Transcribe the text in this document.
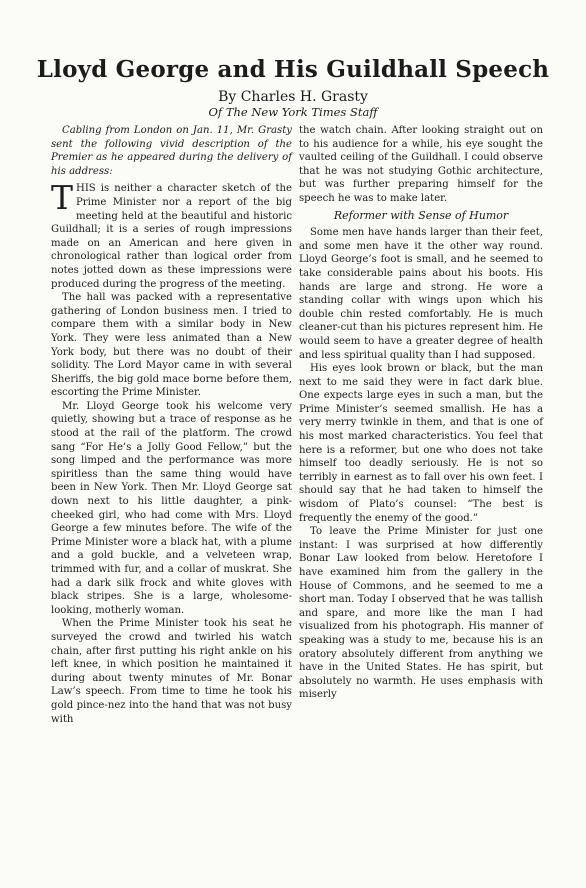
Lloyd George and His Guildhall Speech
By Charles H. Grasty
Of The New York Times Staff

Cabling from London on Jan. 11, Mr. Grasty sent the following vivid description of the Premier as he appeared during the delivery of his address:

THIS is neither a character sketch of the Prime Minister nor a report of the big meeting held at the beautiful and historic Guildhall; it is a series of rough impressions made on an American and here given in chronological rather than logical order from notes jotted down as these impressions were produced during the progress of the meeting.

The hall was packed with a representative gathering of London business men. I tried to compare them with a similar body in New York. They were less animated than a New York body, but there was no doubt of their solidity. The Lord Mayor came in with several Sheriffs, the big gold mace borne before them, escorting the Prime Minister.

Mr. Lloyd George took his welcome very quietly, showing but a trace of response as he stood at the rail of the platform. The crowd sang “For He’s a Jolly Good Fellow,” but the song limped and the performance was more spiritless than the same thing would have been in New York. Then Mr. Lloyd George sat down next to his little daughter, a pink-cheeked girl, who had come with Mrs. Lloyd George a few minutes before. The wife of the Prime Minister wore a black hat, with a plume and a gold buckle, and a velveteen wrap, trimmed with fur, and a collar of muskrat. She had a dark silk frock and white gloves with black stripes. She is a large, wholesome-looking, motherly woman.

When the Prime Minister took his seat he surveyed the crowd and twirled his watch chain, after first putting his right ankle on his left knee, in which position he maintained it during about twenty minutes of Mr. Bonar Law’s speech. From time to time he took his gold pince-nez into the hand that was not busy with

the watch chain. After looking straight out on to his audience for a while, his eye sought the vaulted ceiling of the Guildhall. I could observe that he was not studying Gothic architecture, but was further preparing himself for the speech he was to make later.

Reformer with Sense of Humor

Some men have hands larger than their feet, and some men have it the other way round. Lloyd George’s foot is small, and he seemed to take considerable pains about his boots. His hands are large and strong. He wore a standing collar with wings upon which his double chin rested comfortably. He is much cleaner-cut than his pictures represent him. He would seem to have a greater degree of health and less spiritual quality than I had supposed.

His eyes look brown or black, but the man next to me said they were in fact dark blue. One expects large eyes in such a man, but the Prime Minister’s seemed smallish. He has a very merry twinkle in them, and that is one of his most marked characteristics. You feel that here is a reformer, but one who does not take himself too deadly seriously. He is not so terribly in earnest as to fall over his own feet. I should say that he had taken to himself the wisdom of Plato’s counsel: “The best is frequently the enemy of the good.”

To leave the Prime Minister for just one instant: I was surprised at how differently Bonar Law looked from below. Heretofore I have examined him from the gallery in the House of Commons, and he seemed to me a short man. Today I observed that he was tallish and spare, and more like the man I had visualized from his photograph. His manner of speaking was a study to me, because his is an oratory absolutely different from anything we have in the United States. He has spirit, but absolutely no warmth. He uses emphasis with miserly
